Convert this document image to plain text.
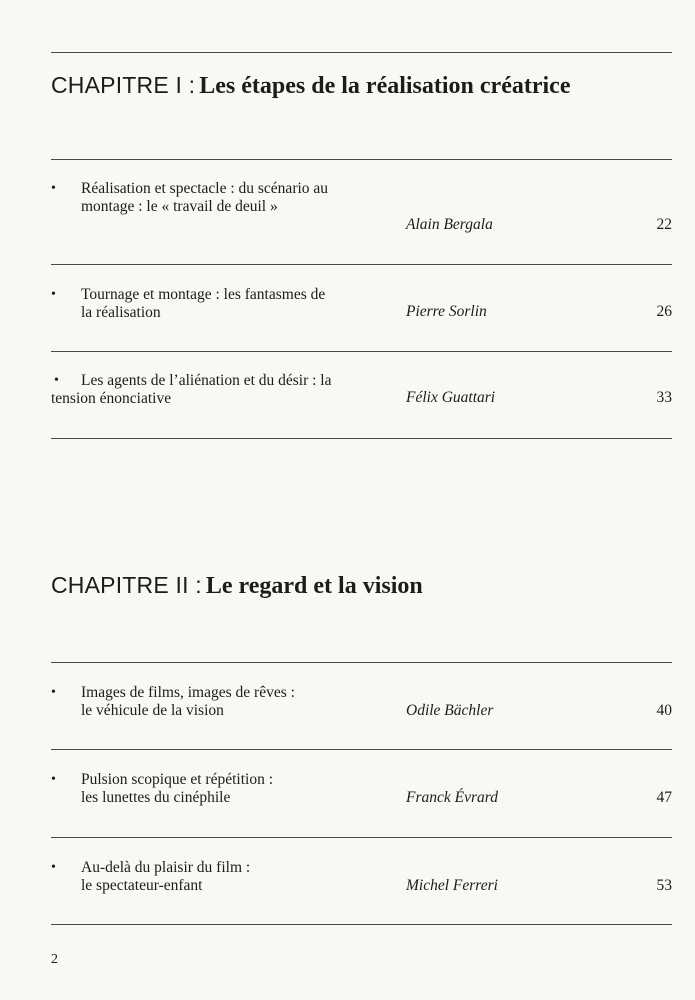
CHAPITRE I : Les étapes de la réalisation créatrice
• Réalisation et spectacle : du scénario au
montage : le « travail de deuil »
Alain Bergala	22
• Tournage et montage : les fantasmes de
la réalisation	Pierre Sorlin	26
•	Les agents de l’aliénation et du désir : la
tension énonciative	Félix Guattari	33
CHAPITRE II : Le regard et la vision
• Images de films, images de rêves :
le véhicule de la vision	Odile Bächler	40
• Pulsion scopique et répétition :
les lunettes du cinéphile	Franck Évrard	47
• Au-delà du plaisir du film :
le spectateur-enfant	Michel Ferreri	53
2
